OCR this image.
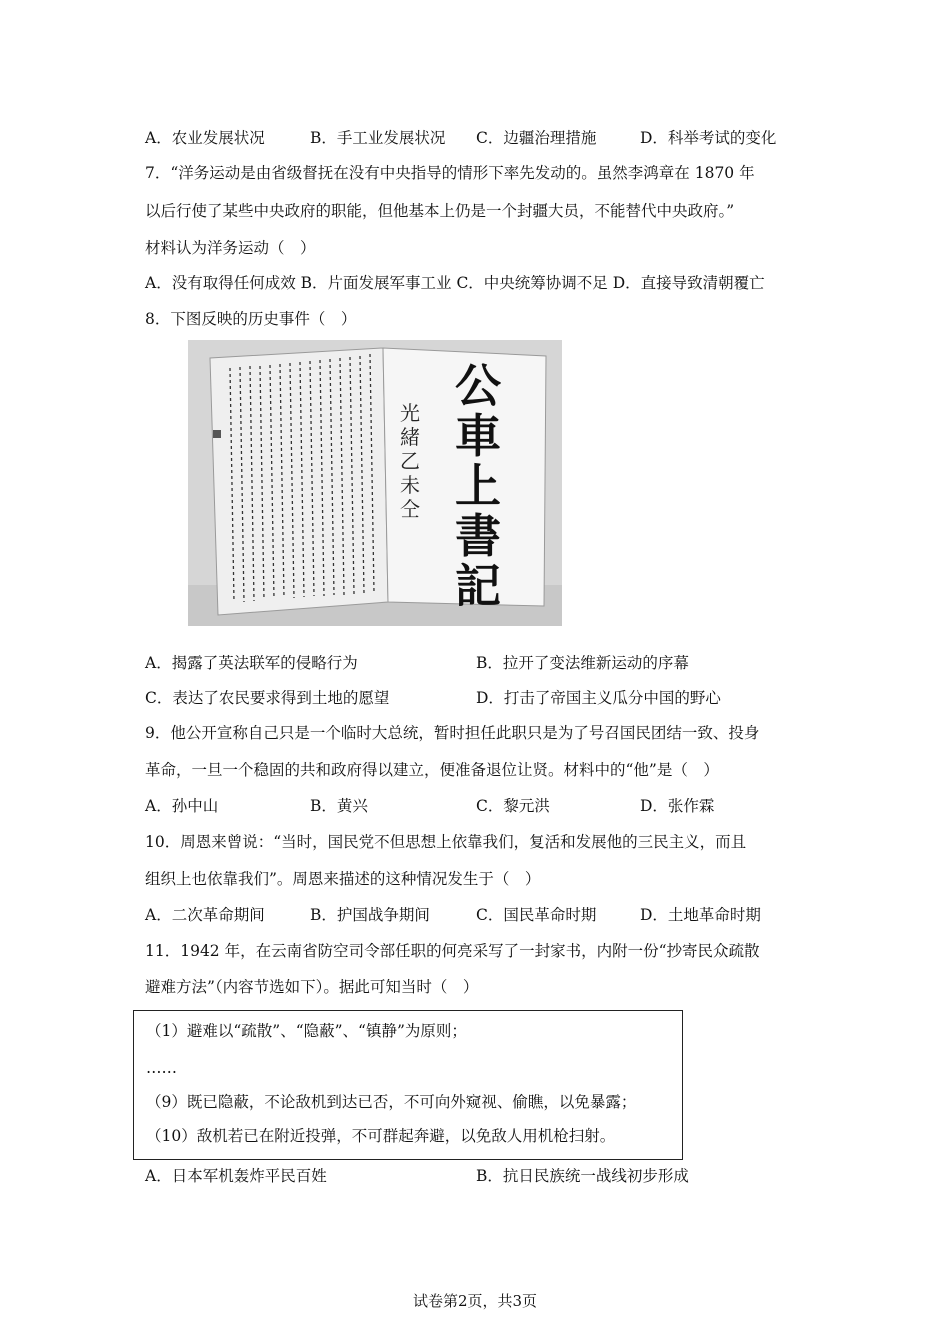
A．农业发展状况	B．手工业发展状况 C．边疆治理措施	D．科举考试的变化
7．“洋务运动是由省级督抚在没有中央指导的情形下率先发动的。虽然李鸿章在 1870 年
以后行使了某些中央政府的职能，但他基本上仍是一个封疆大员，不能替代中央政府。”
材料认为洋务运动（　）
A．没有取得任何成效 B．片面发展军事工业 C．中央统筹协调不足 D．直接导致清朝覆亡
8．下图反映的历史事件（　）
公
車
上
書
記
光
緒
乙
未
仝
A．揭露了英法联军的侵略行为	B．拉开了变法维新运动的序幕
C．表达了农民要求得到土地的愿望	D．打击了帝国主义瓜分中国的野心
9．他公开宣称自己只是一个临时大总统，暂时担任此职只是为了号召国民团结一致、投身
革命，一旦一个稳固的共和政府得以建立，便准备退位让贤。材料中的“他”是（　）
A．孙中山	B．黄兴	C．黎元洪	D．张作霖
10．周恩来曾说：“当时，国民党不但思想上依靠我们，复活和发展他的三民主义，而且
组织上也依靠我们”。周恩来描述的这种情况发生于（　）
A．二次革命期间	B．护国战争期间	C．国民革命时期	D．土地革命时期
11．1942 年，在云南省防空司令部任职的何亮采写了一封家书，内附一份“抄寄民众疏散
避难方法”（内容节选如下）。据此可知当时（　）
（1）避难以“疏散”、“隐蔽”、“镇静”为原则；
……
（9）既已隐蔽，不论敌机到达已否，不可向外窥视、偷瞧，以免暴露；
（10）敌机若已在附近投弹，不可群起奔避，以免敌人用机枪扫射。
A．日本军机轰炸平民百姓	B．抗日民族统一战线初步形成
试卷第2页，共3页
